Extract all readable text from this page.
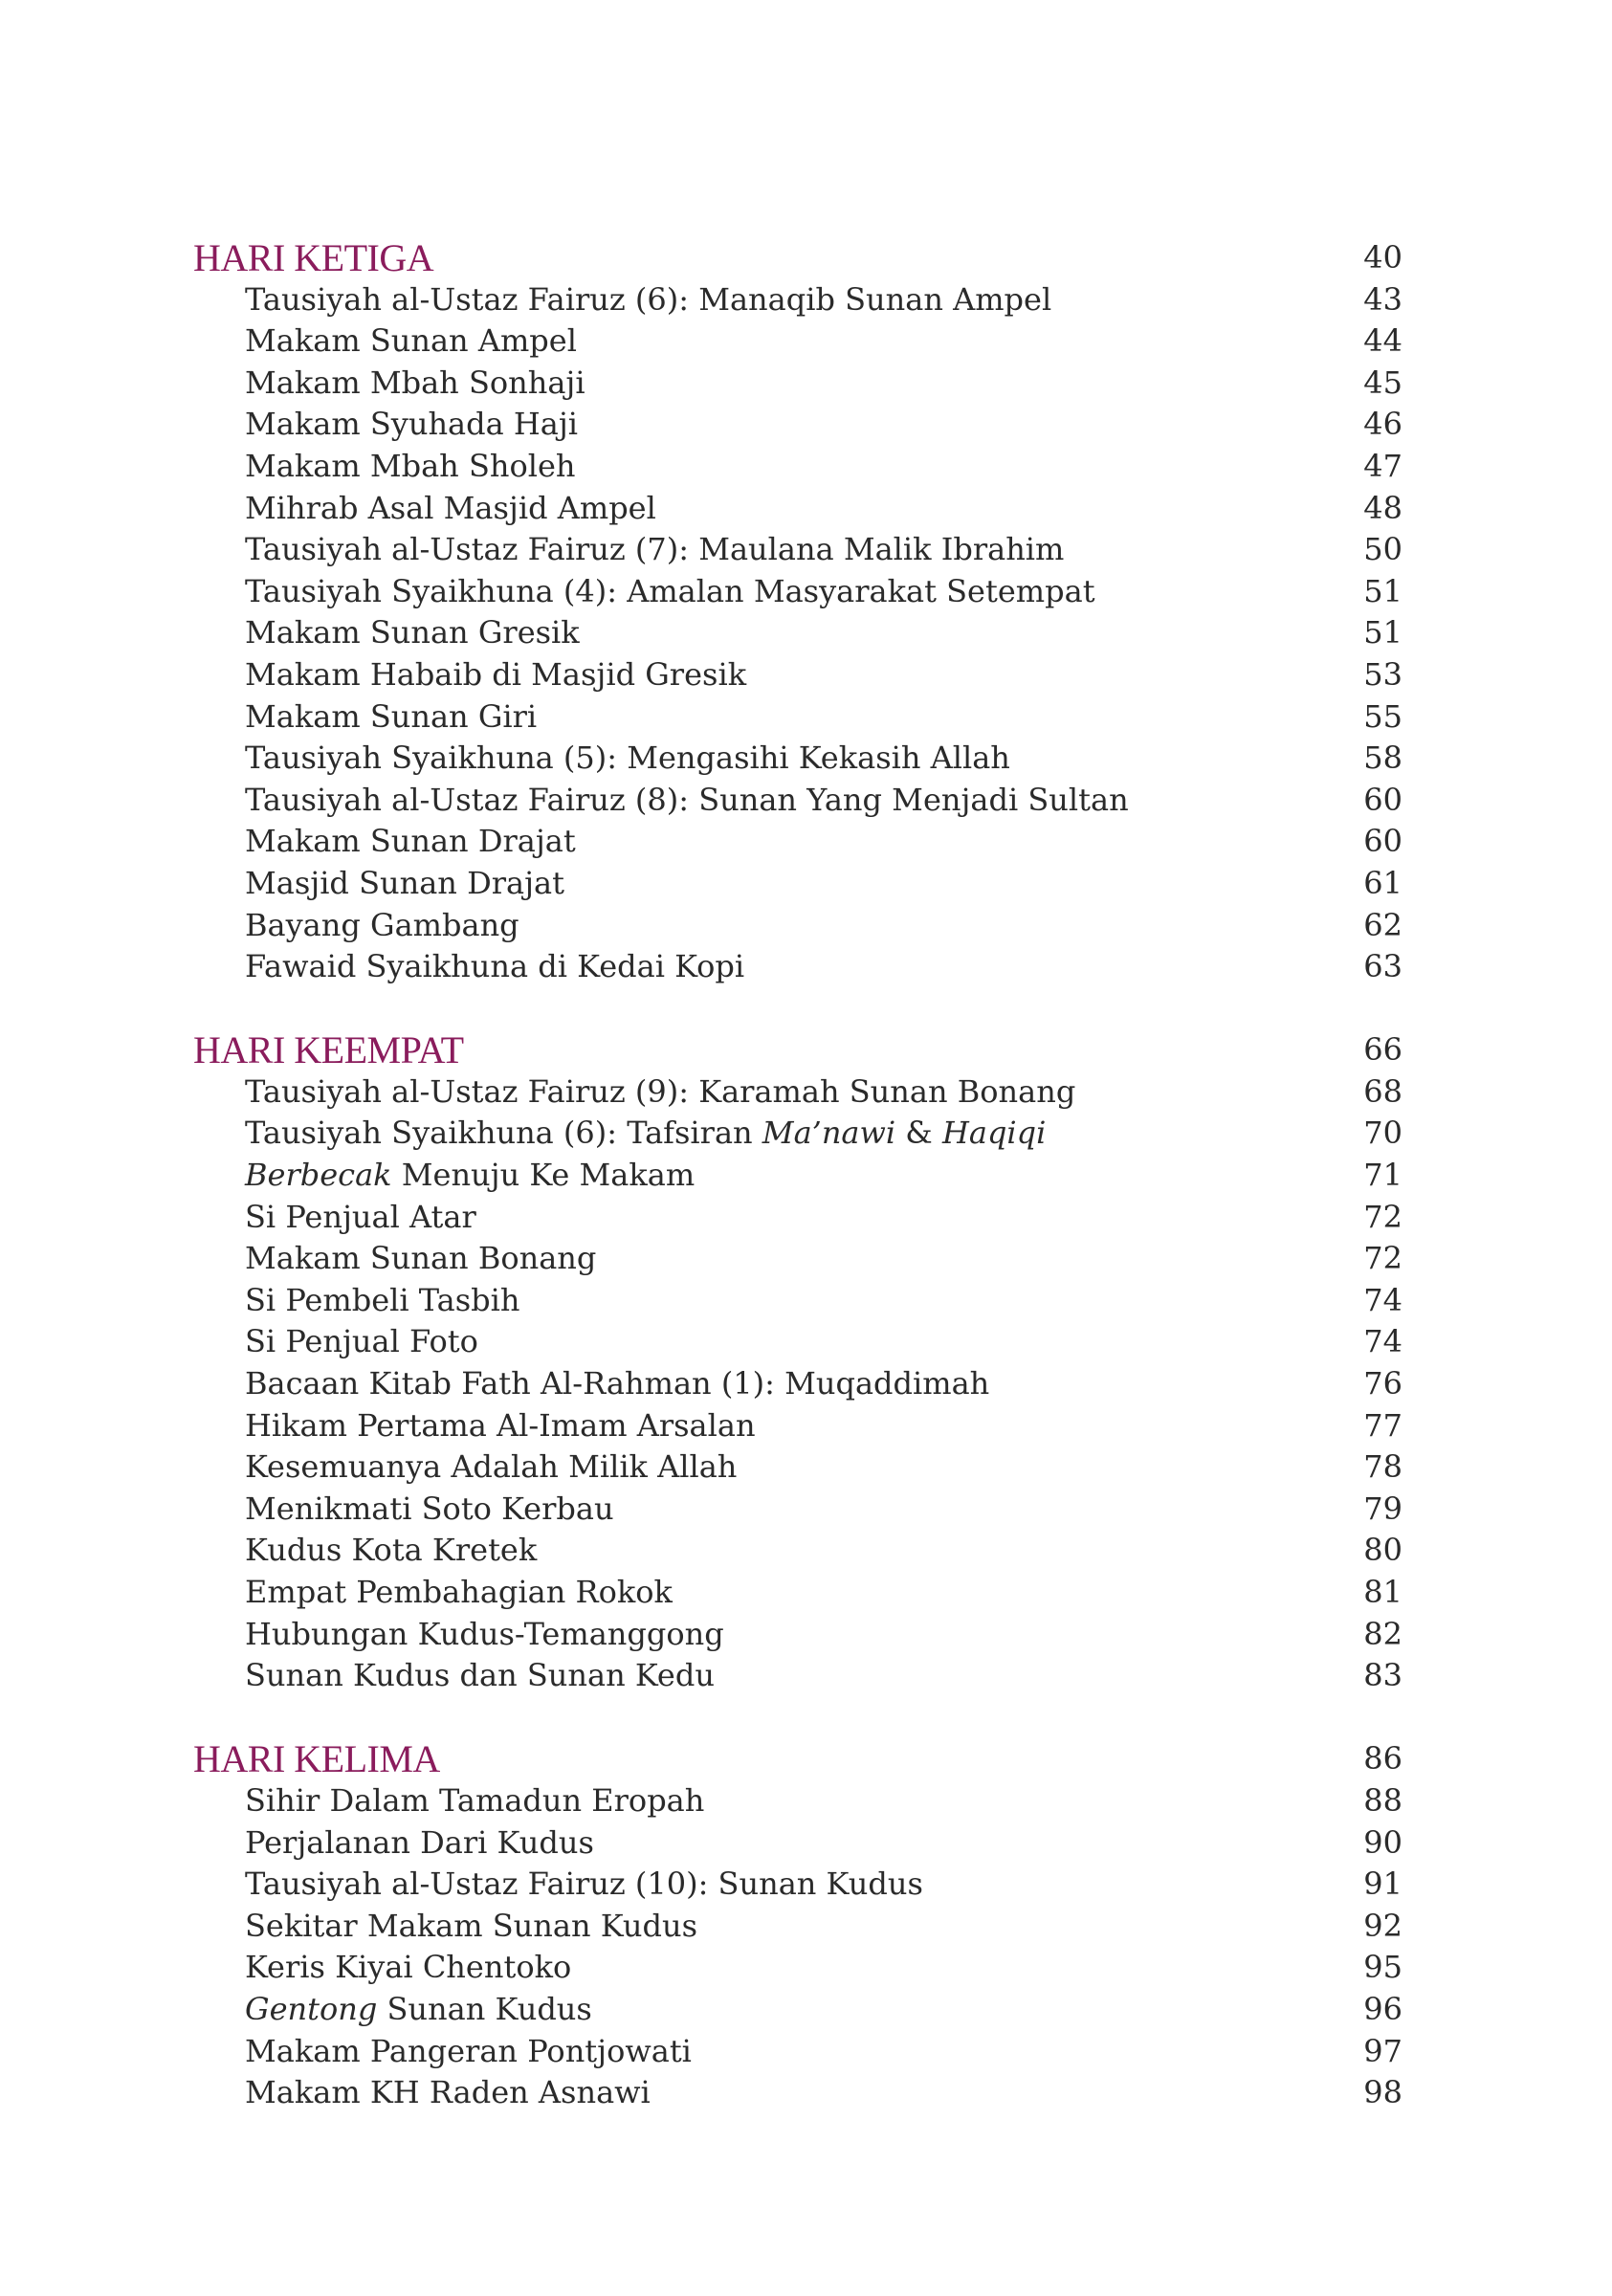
HARI KETIGA	40
Tausiyah al-Ustaz Fairuz (6): Manaqib Sunan Ampel	43
Makam Sunan Ampel	44
Makam Mbah Sonhaji	45
Makam Syuhada Haji	46
Makam Mbah Sholeh	47
Mihrab Asal Masjid Ampel	48
Tausiyah al-Ustaz Fairuz (7): Maulana Malik Ibrahim	50
Tausiyah Syaikhuna (4): Amalan Masyarakat Setempat	51
Makam Sunan Gresik	51
Makam Habaib di Masjid Gresik	53
Makam Sunan Giri	55
Tausiyah Syaikhuna (5): Mengasihi Kekasih Allah	58
Tausiyah al-Ustaz Fairuz (8): Sunan Yang Menjadi Sultan	60
Makam Sunan Drajat	60
Masjid Sunan Drajat	61
Bayang Gambang	62
Fawaid Syaikhuna di Kedai Kopi	63
HARI KEEMPAT	66
Tausiyah al-Ustaz Fairuz (9): Karamah Sunan Bonang	68
Tausiyah Syaikhuna (6): Tafsiran Ma’nawi & Haqiqi	70
Berbecak Menuju Ke Makam	71
Si Penjual Atar	72
Makam Sunan Bonang	72
Si Pembeli Tasbih	74
Si Penjual Foto	74
Bacaan Kitab Fath Al-Rahman (1): Muqaddimah	76
Hikam Pertama Al-Imam Arsalan	77
Kesemuanya Adalah Milik Allah	78
Menikmati Soto Kerbau	79
Kudus Kota Kretek	80
Empat Pembahagian Rokok	81
Hubungan Kudus-Temanggong	82
Sunan Kudus dan Sunan Kedu	83
HARI KELIMA	86
Sihir Dalam Tamadun Eropah	88
Perjalanan Dari Kudus	90
Tausiyah al-Ustaz Fairuz (10): Sunan Kudus	91
Sekitar Makam Sunan Kudus	92
Keris Kiyai Chentoko	95
Gentong Sunan Kudus	96
Makam Pangeran Pontjowati	97
Makam KH Raden Asnawi	98
